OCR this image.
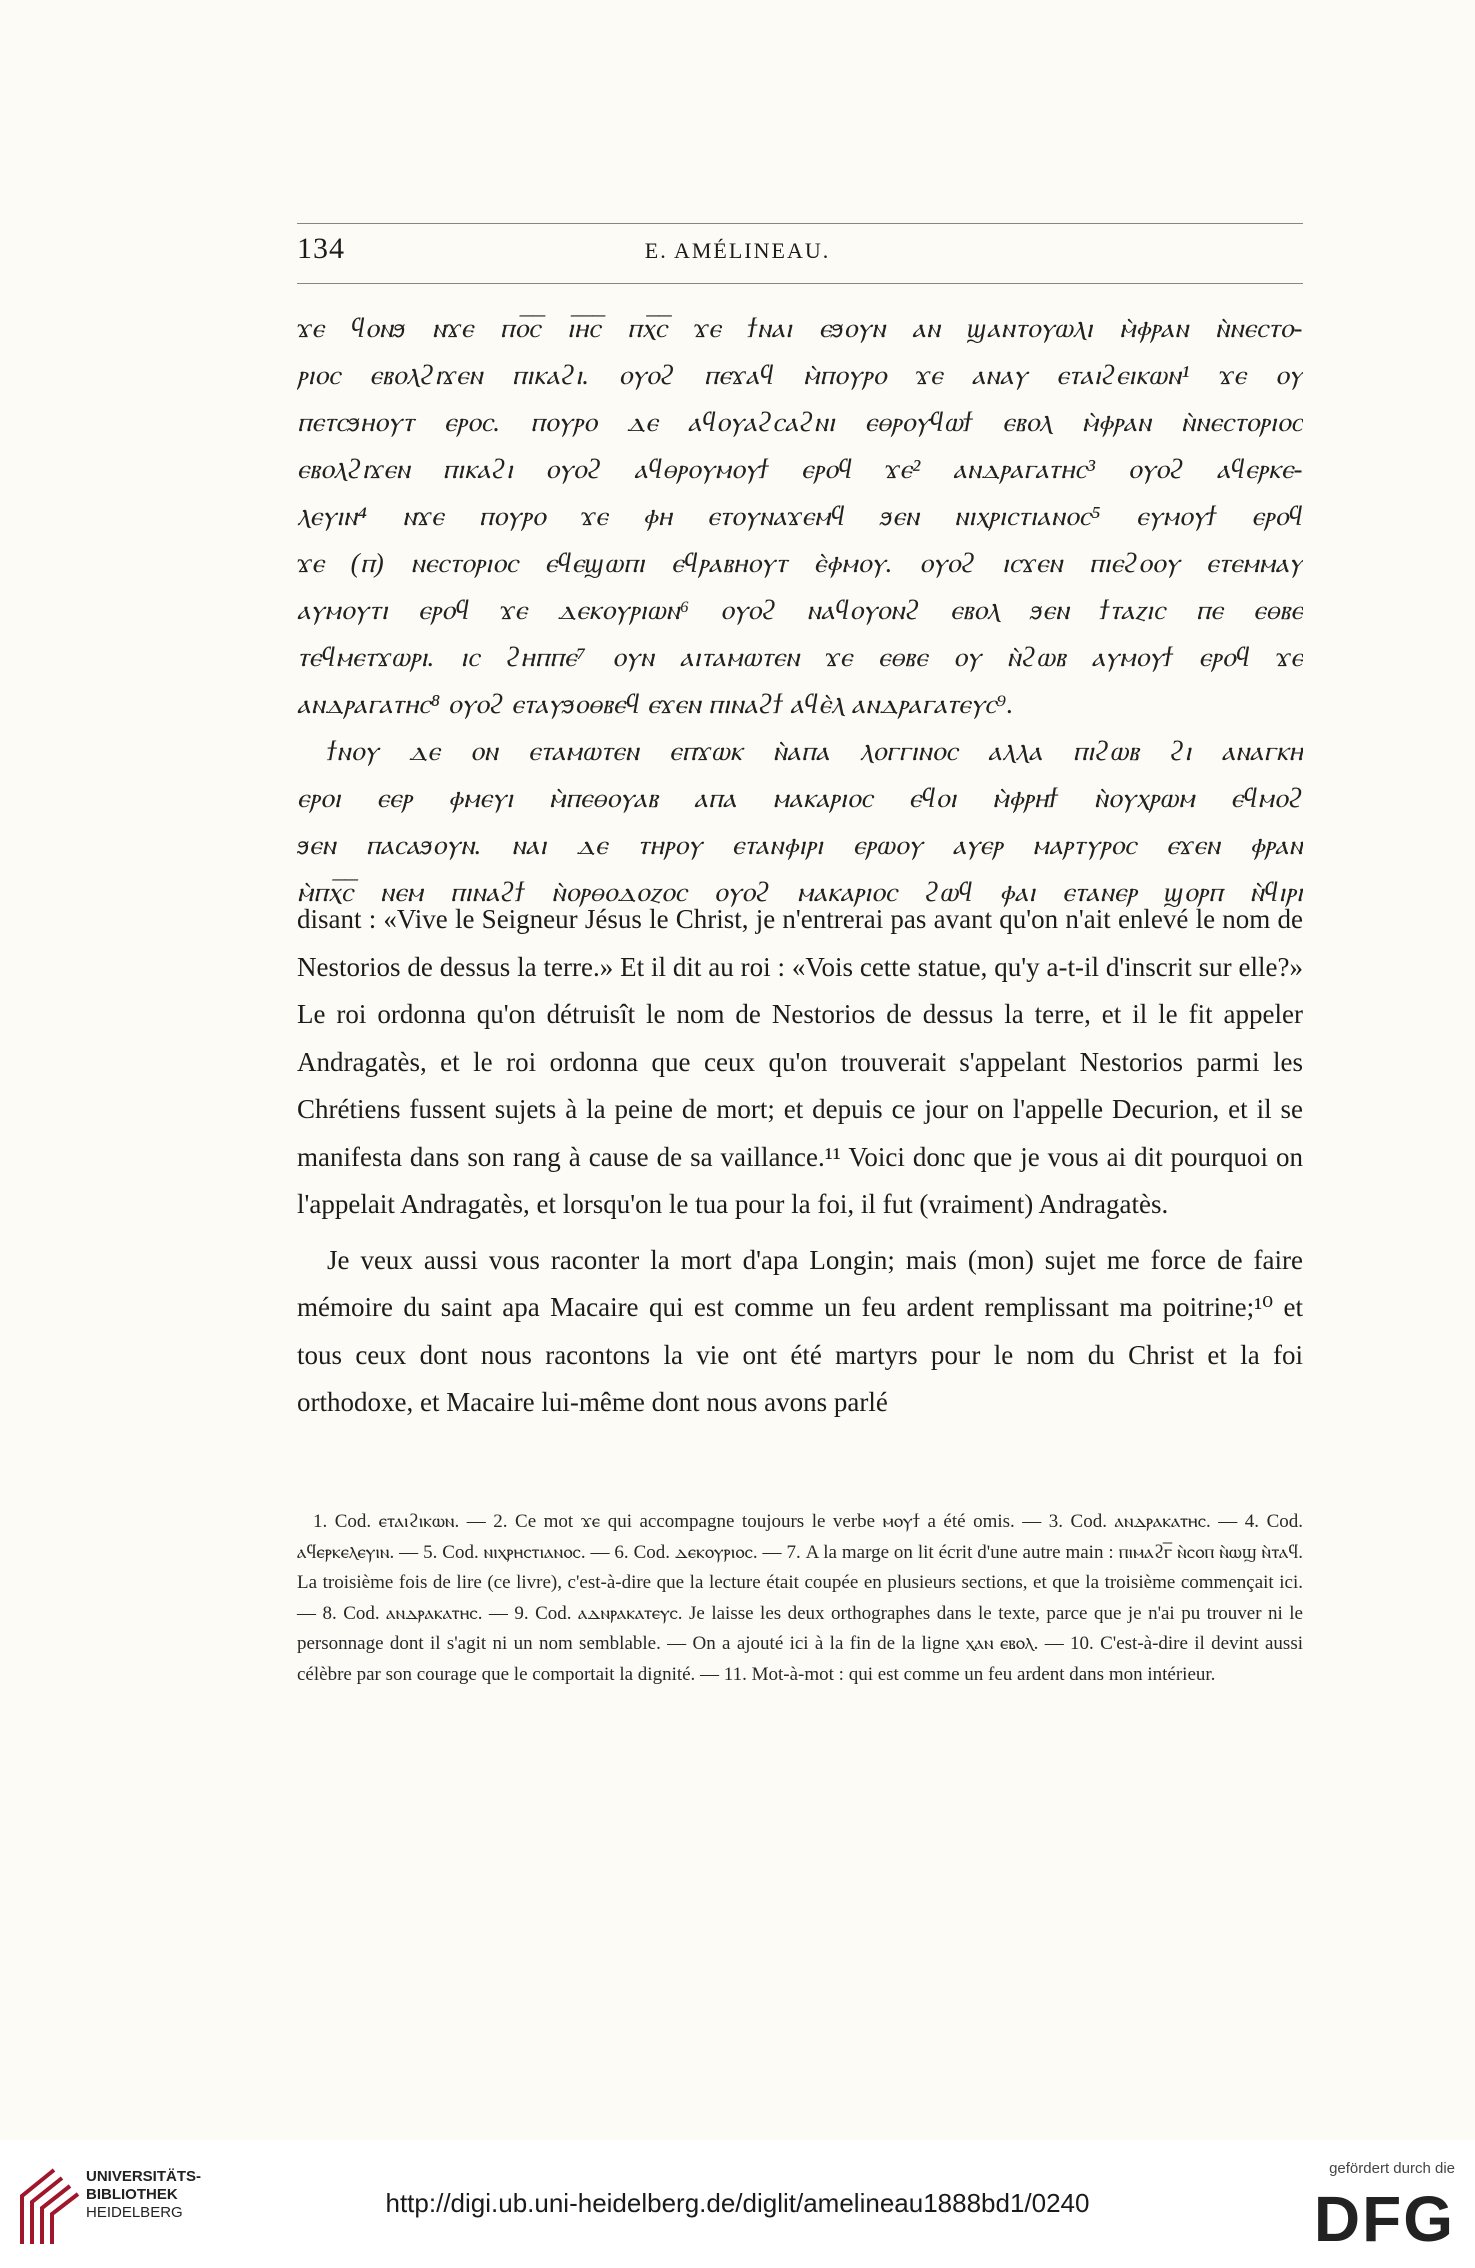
134	E. AMÉLINEAU.
ϫⲉ ϥⲟⲛϧ ⲛϫⲉ ⲡⲟ̅ⲥ̅ ⲓ̅ⲏ̅ⲥ̅ ⲡⲭ̅ⲥ̅ ϫⲉ ϯⲛⲁⲓ ⲉϧⲟⲩⲛ ⲁⲛ ϣⲁⲛⲧⲟⲩⲱⲗⲓ ⲙ̀ⲫⲣⲁⲛ ⲛ̀ⲛⲉⲥⲧⲟ-
ⲣⲓⲟⲥ ⲉⲃⲟⲗϩⲓϫⲉⲛ ⲡⲓⲕⲁϩⲓ. ⲟⲩⲟϩ ⲡⲉϫⲁϥ ⲙ̀ⲡⲟⲩⲣⲟ ϫⲉ ⲁⲛⲁⲩ ⲉⲧⲁⲓϩⲉⲓⲕⲱⲛ¹ ϫⲉ ⲟⲩ
ⲡⲉⲧⲥϧⲏⲟⲩⲧ ⲉⲣⲟⲥ. ⲡⲟⲩⲣⲟ ⲇⲉ ⲁϥⲟⲩⲁϩⲥⲁϩⲛⲓ ⲉⲑⲣⲟⲩϥⲱϯ ⲉⲃⲟⲗ ⲙ̀ⲫⲣⲁⲛ ⲛ̀ⲛⲉⲥⲧⲟⲣⲓⲟⲥ
ⲉⲃⲟⲗϩⲓϫⲉⲛ ⲡⲓⲕⲁϩⲓ ⲟⲩⲟϩ ⲁϥⲑⲣⲟⲩⲙⲟⲩϯ ⲉⲣⲟϥ ϫⲉ² ⲁⲛⲇⲣⲁⲅⲁⲧⲏⲥ³ ⲟⲩⲟϩ ⲁϥⲉⲣⲕⲉ-
ⲗⲉⲩⲓⲛ⁴ ⲛϫⲉ ⲡⲟⲩⲣⲟ ϫⲉ ⲫⲏ ⲉⲧⲟⲩⲛⲁϫⲉⲙϥ ϧⲉⲛ ⲛⲓⲭⲣⲓⲥⲧⲓⲁⲛⲟⲥ⁵ ⲉⲩⲙⲟⲩϯ ⲉⲣⲟϥ
ϫⲉ (ⲡ) ⲛⲉⲥⲧⲟⲣⲓⲟⲥ ⲉϥⲉϣⲱⲡⲓ ⲉϥⲣⲁⲃⲏⲟⲩⲧ ⲉ̀ⲫⲙⲟⲩ. ⲟⲩⲟϩ ⲓⲥϫⲉⲛ ⲡⲓⲉϩⲟⲟⲩ ⲉⲧⲉⲙⲙⲁⲩ
ⲁⲩⲙⲟⲩⲧⲓ ⲉⲣⲟϥ ϫⲉ ⲇⲉⲕⲟⲩⲣⲓⲱⲛ⁶ ⲟⲩⲟϩ ⲛⲁϥⲟⲩⲟⲛϩ ⲉⲃⲟⲗ ϧⲉⲛ ϯⲧⲁⲍⲓⲥ ⲡⲉ ⲉⲑⲃⲉ
ⲧⲉϥⲙⲉⲧϫⲱⲣⲓ. ⲓⲥ ϩⲏⲡⲡⲉ⁷ ⲟⲩⲛ ⲁⲓⲧⲁⲙⲱⲧⲉⲛ ϫⲉ ⲉⲑⲃⲉ ⲟⲩ ⲛ̀ϩⲱⲃ ⲁⲩⲙⲟⲩϯ ⲉⲣⲟϥ ϫⲉ
ⲁⲛⲇⲣⲁⲅⲁⲧⲏⲥ⁸ ⲟⲩⲟϩ ⲉⲧⲁⲩϧⲟⲑⲃⲉϥ ⲉϫⲉⲛ ⲡⲓⲛⲁϩϯ ⲁϥⲉ̀ⲗ ⲁⲛⲇⲣⲁⲅⲁⲧⲉⲩⲥ⁹.
ϯⲛⲟⲩ ⲇⲉ ⲟⲛ ⲉⲧⲁⲙⲱⲧⲉⲛ ⲉⲡϫⲱⲕ ⲛ̀ⲁⲡⲁ ⲗⲟⲅⲅⲓⲛⲟⲥ ⲁⲗⲗⲁ ⲡⲓϩⲱⲃ ϩⲓ ⲁⲛⲁⲅⲕⲏ
ⲉⲣⲟⲓ ⲉⲉⲣ ⲫⲙⲉⲩⲓ ⲙ̀ⲡⲉⲑⲟⲩⲁⲃ ⲁⲡⲁ ⲙⲁⲕⲁⲣⲓⲟⲥ ⲉϥⲟⲓ ⲙ̀ⲫⲣⲏϯ ⲛ̀ⲟⲩⲭⲣⲱⲙ ⲉϥⲙⲟϩ
ϧⲉⲛ ⲡⲁⲥⲁϧⲟⲩⲛ. ⲛⲁⲓ ⲇⲉ ⲧⲏⲣⲟⲩ ⲉⲧⲁⲛⲫⲓⲣⲓ ⲉⲣⲱⲟⲩ ⲁⲩⲉⲣ ⲙⲁⲣⲧⲩⲣⲟⲥ ⲉϫⲉⲛ ⲫⲣⲁⲛ
ⲙ̀ⲡⲭ̅ⲥ̅ ⲛⲉⲙ ⲡⲓⲛⲁϩϯ ⲛ̀ⲟⲣⲑⲟⲇⲟⲍⲟⲥ ⲟⲩⲟϩ ⲙⲁⲕⲁⲣⲓⲟⲥ ϩⲱϥ ⲫⲁⲓ ⲉⲧⲁⲛⲉⲣ ϣⲟⲣⲡ ⲛ̀ϥⲓⲣⲓ

disant : «Vive le Seigneur Jésus le Christ, je n'entrerai pas avant qu'on n'ait enlevé le nom de Nestorios de dessus la terre.» Et il dit au roi : «Vois cette statue, qu'y a-t-il d'inscrit sur elle?» Le roi ordonna qu'on détruisît le nom de Nestorios de dessus la terre, et il le fit appeler Andragatès, et le roi ordonna que ceux qu'on trouverait s'appelant Nestorios parmi les Chrétiens fussent sujets à la peine de mort; et depuis ce jour on l'appelle Decurion, et il se manifesta dans son rang à cause de sa vaillance.¹¹ Voici donc que je vous ai dit pourquoi on l'appelait Andragatès, et lorsqu'on le tua pour la foi, il fut (vraiment) Andragatès.

Je veux aussi vous raconter la mort d'apa Longin; mais (mon) sujet me force de faire mémoire du saint apa Macaire qui est comme un feu ardent remplissant ma poitrine;¹⁰ et tous ceux dont nous racontons la vie ont été martyrs pour le nom du Christ et la foi orthodoxe, et Macaire lui-même dont nous avons parlé

1. Cod. ⲉⲧⲁⲓϩⲓⲕⲱⲛ. — 2. Ce mot ϫⲉ qui accompagne toujours le verbe ⲙⲟⲩϯ a été omis. — 3. Cod. ⲁⲛⲇⲣⲁⲕⲁⲧⲏⲥ. — 4. Cod. ⲁϥⲉⲣⲕⲉⲗⲉⲩⲓⲛ. — 5. Cod. ⲛⲓⲭⲣⲏⲥⲧⲓⲁⲛⲟⲥ. — 6. Cod. ⲇⲉⲕⲟⲩⲣⲓⲟⲥ. — 7. A la marge on lit écrit d'une autre main : ⲡⲓⲙⲁϩⲅ̅ ⲛ̀ⲥⲟⲡ ⲛ̀ⲱϣ ⲛ̀ⲧⲁϥ. La troisième fois de lire (ce livre), c'est-à-dire que la lecture était coupée en plusieurs sections, et que la troisième commençait ici. — 8. Cod. ⲁⲛⲇⲣⲁⲕⲁⲧⲏⲥ. — 9. Cod. ⲁⲇⲛⲣⲁⲕⲁⲧⲉⲩⲥ. Je laisse les deux orthographes dans le texte, parce que je n'ai pu trouver ni le personnage dont il s'agit ni un nom semblable. — On a ajouté ici à la fin de la ligne ⲭⲁⲛ ⲉⲃⲟⲗ. — 10. C'est-à-dire il devint aussi célèbre par son courage que le comportait la dignité. — 11. Mot-à-mot : qui est comme un feu ardent dans mon intérieur.

UNIVERSITÄTS-
BIBLIOTHEK
HEIDELBERG	http://digi.ub.uni-heidelberg.de/diglit/amelineau1888bd1/0240
gefördert durch die
DFG
